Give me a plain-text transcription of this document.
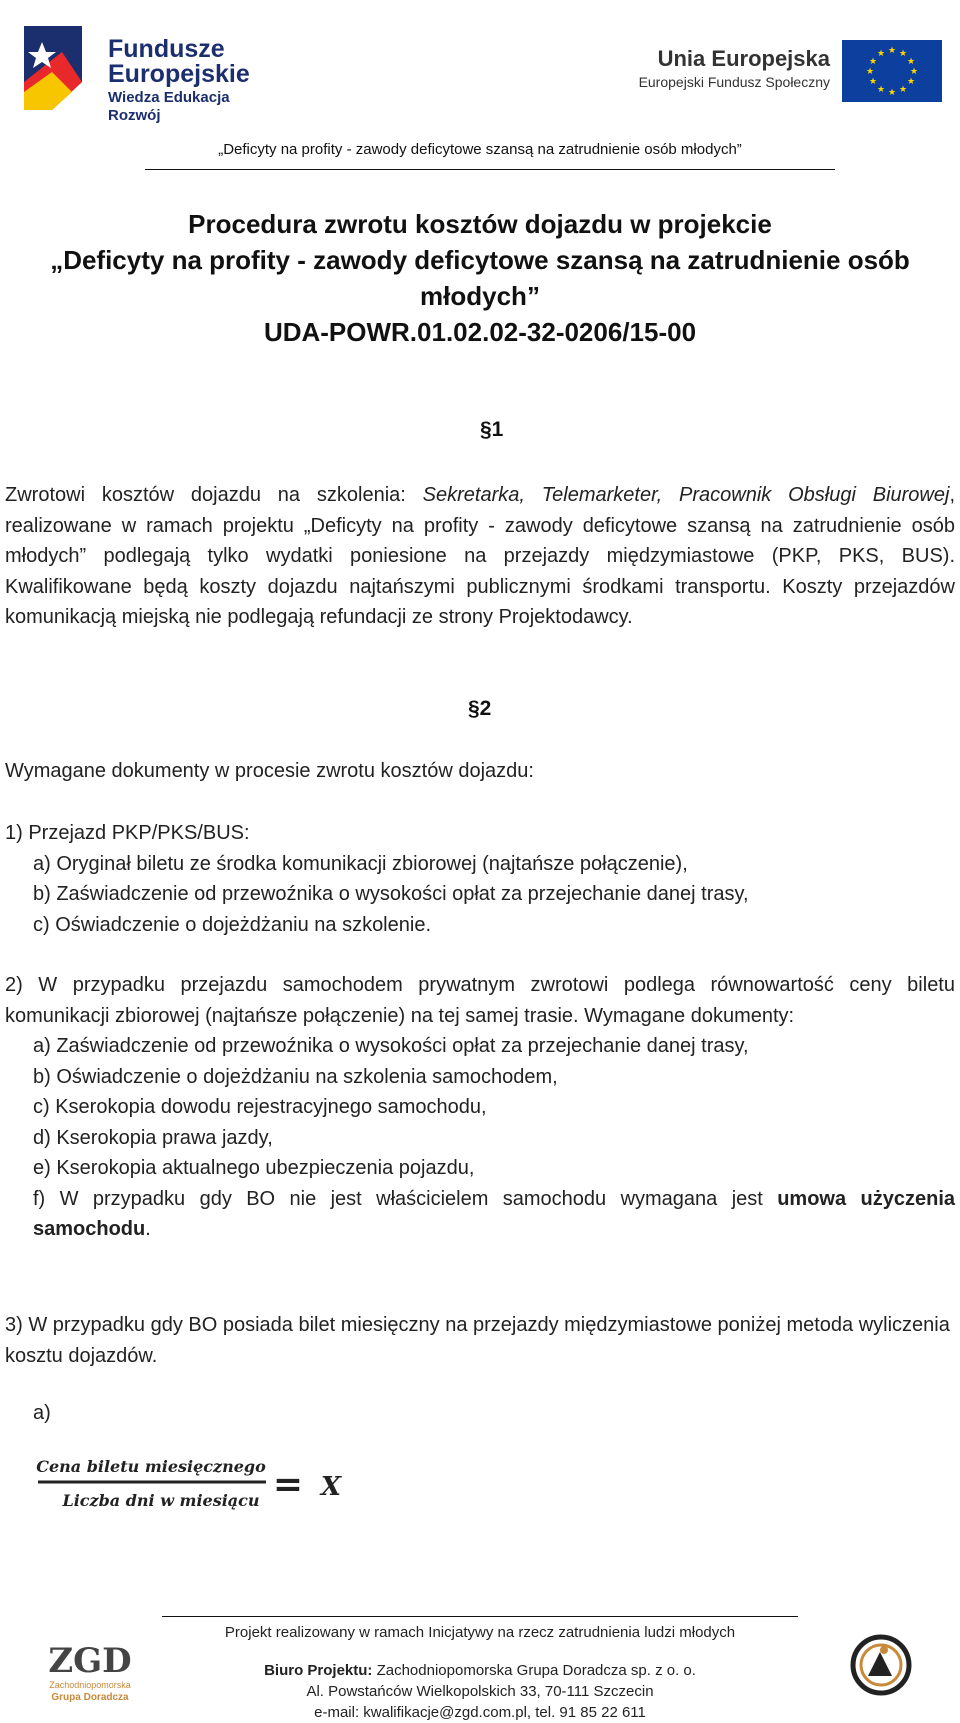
Fundusze
Europejskie
Wiedza Edukacja Rozwój
Unia Europejska
Europejski Fundusz Społeczny
★ ★
★
★
★
★
★
★
★
★
★
★
„Deficyty na profity - zawody deficytowe szansą na zatrudnienie osób młodych”
Procedura zwrotu kosztów dojazdu w projekcie
„Deficyty na profity - zawody deficytowe szansą na zatrudnienie osób
młodych”
UDA-POWR.01.02.02-32-0206/15-00
§1
Zwrotowi kosztów dojazdu na szkolenia: Sekretarka, Telemarketer, Pracownik Obsługi Biurowej, realizowane w ramach projektu „Deficyty na profity - zawody deficytowe szansą na zatrudnienie osób młodych” podlegają tylko wydatki poniesione na przejazdy międzymiastowe (PKP, PKS, BUS). Kwalifikowane będą koszty dojazdu najtańszymi publicznymi środkami transportu. Koszty przejazdów komunikacją miejską nie podlegają refundacji ze strony Projektodawcy.
§2
Wymagane dokumenty w procesie zwrotu kosztów dojazdu:
1) Przejazd PKP/PKS/BUS:
a) Oryginał biletu ze środka komunikacji zbiorowej (najtańsze połączenie),
b) Zaświadczenie od przewoźnika o wysokości opłat za przejechanie danej trasy,
c) Oświadczenie o dojeżdżaniu na szkolenie.
2) W przypadku przejazdu samochodem prywatnym zwrotowi podlega równowartość ceny biletu komunikacji zbiorowej (najtańsze połączenie) na tej samej trasie. Wymagane dokumenty:
a) Zaświadczenie od przewoźnika o wysokości opłat za przejechanie danej trasy,
b) Oświadczenie o dojeżdżaniu na szkolenia samochodem,
c) Kserokopia dowodu rejestracyjnego samochodu,
d) Kserokopia prawa jazdy,
e) Kserokopia aktualnego ubezpieczenia pojazdu,
f) W przypadku gdy BO nie jest właścicielem samochodu wymagana jest umowa użyczenia samochodu.
3) W przypadku gdy BO posiada bilet miesięczny na przejazdy międzymiastowe poniżej metoda wyliczenia kosztu dojazdów.
a)
Cena biletu miesięcznego
Liczba dni w miesiącu = X
Projekt realizowany w ramach Inicjatywy na rzecz zatrudnienia ludzi młodych
Biuro Projektu: Zachodniopomorska Grupa Doradcza sp. z o. o.
Al. Powstańców Wielkopolskich 33, 70-111 Szczecin
e-mail: kwalifikacje@zgd.com.pl, tel. 91 85 22 611
ZGD
Zachodniopomorska
Grupa Doradcza
